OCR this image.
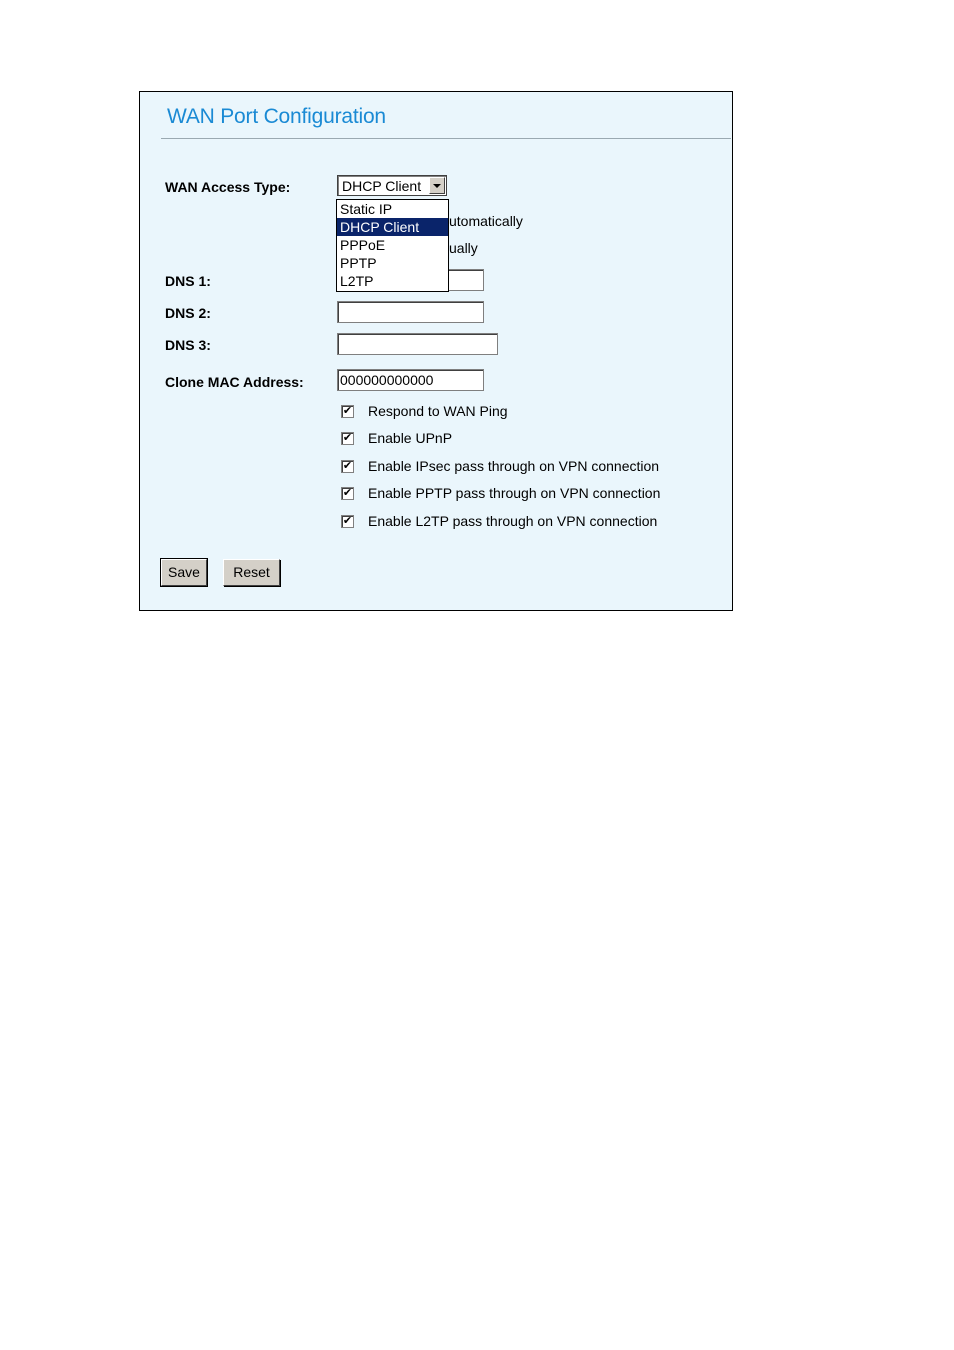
WAN Port Configuration
WAN Access Type:	DHCP Client
Static IP
DHCP Client
PPPoE
PPTP
L2TP
utomatically
ually
DNS 1:
DNS 2:
DNS 3:
Clone MAC Address:	000000000000
✔ Respond to WAN Ping
✔ Enable UPnP
✔ Enable IPsec pass through on VPN connection
✔ Enable PPTP pass through on VPN connection
✔ Enable L2TP pass through on VPN connection
Save	Reset
